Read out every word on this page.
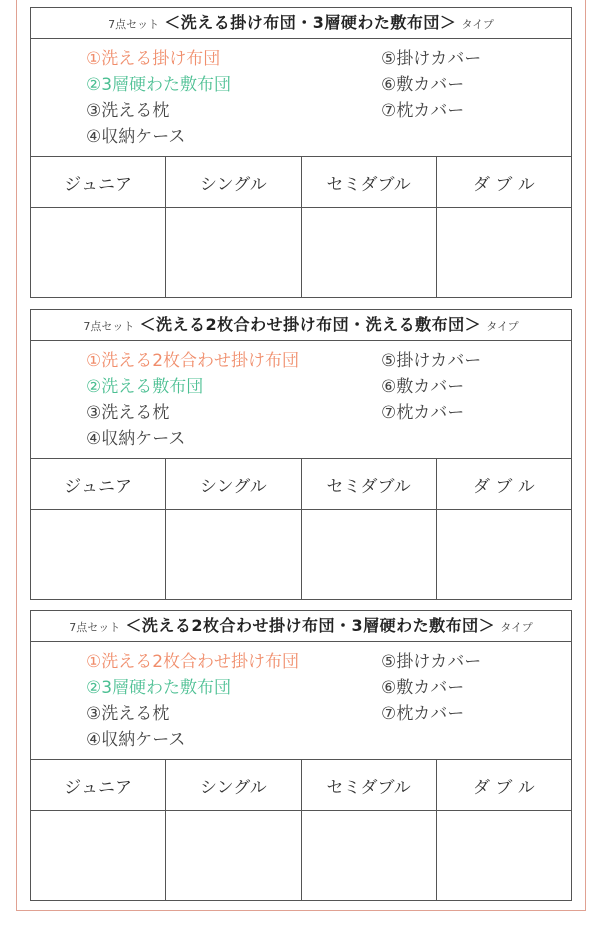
7点セット ＜洗える掛け布団・3層硬わた敷布団＞ タイプ
①洗える掛け布団
②3層硬わた敷布団
③洗える枕
④収納ケース
⑤掛けカバー
⑥敷カバー
⑦枕カバー
ジュニア	シングル	セミダブル	ダ ブ ル
7点セット ＜洗える2枚合わせ掛け布団・洗える敷布団＞ タイプ
①洗える2枚合わせ掛け布団
②洗える敷布団
③洗える枕
④収納ケース
⑤掛けカバー
⑥敷カバー
⑦枕カバー
ジュニア	シングル	セミダブル	ダ ブ ル
7点セット ＜洗える2枚合わせ掛け布団・3層硬わた敷布団＞ タイプ
①洗える2枚合わせ掛け布団
②3層硬わた敷布団
③洗える枕
④収納ケース
⑤掛けカバー
⑥敷カバー
⑦枕カバー
ジュニア	シングル	セミダブル	ダ ブ ル
